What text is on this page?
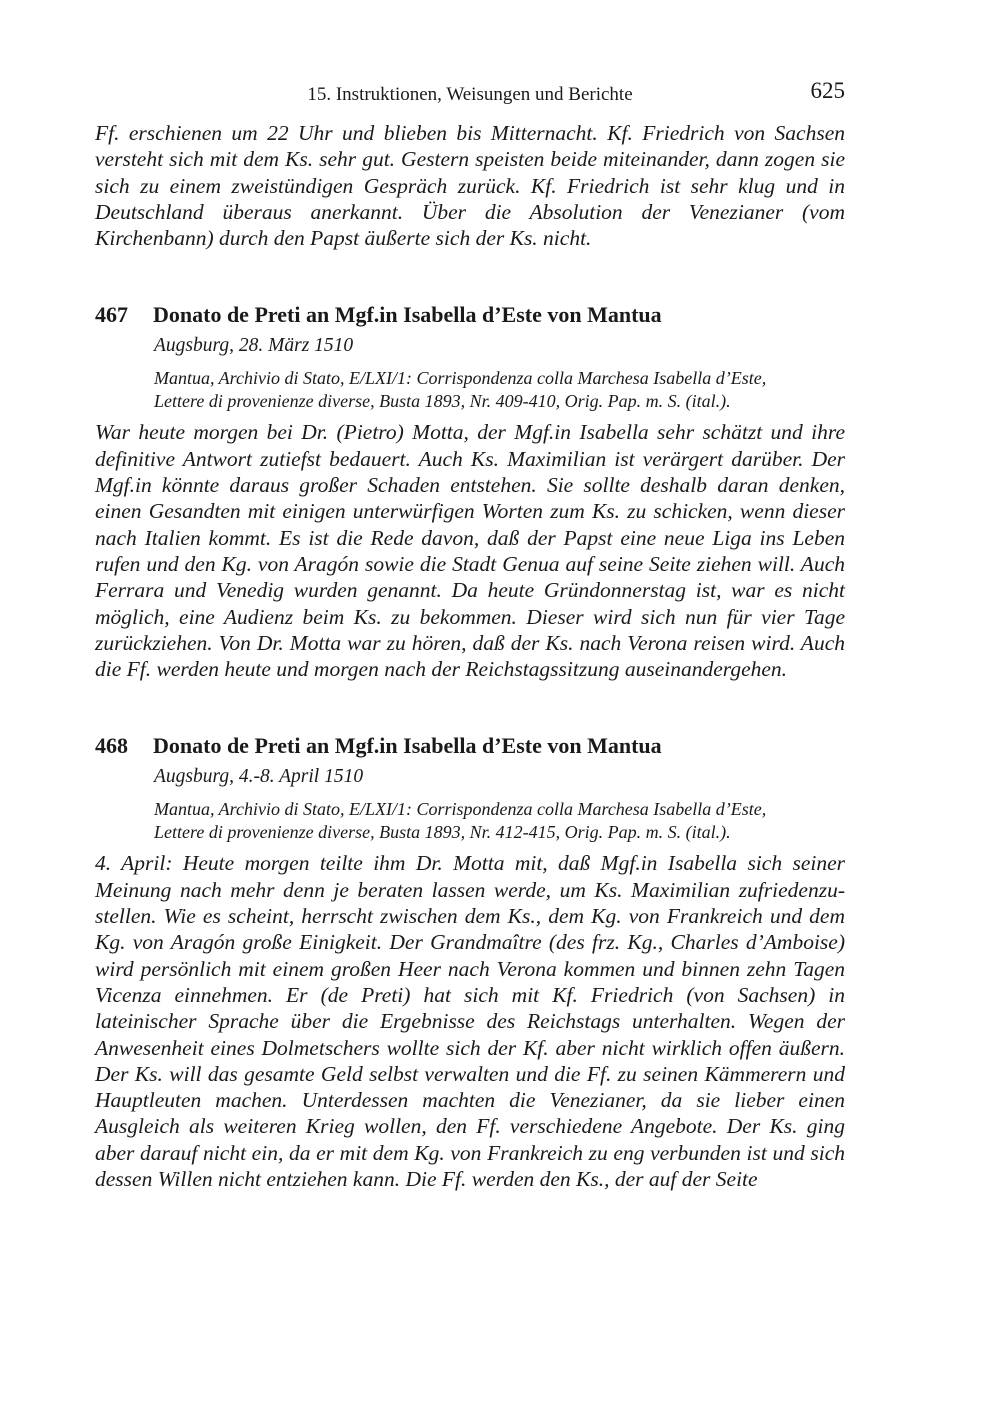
15. Instruktionen, Weisungen und Berichte	625

Ff. erschienen um 22 Uhr und blieben bis Mitternacht. Kf. Friedrich von Sachsen versteht sich mit dem Ks. sehr gut. Gestern speisten beide miteinander, dann zogen sie sich zu einem zweistündigen Gespräch zurück. Kf. Friedrich ist sehr klug und in Deutschland überaus anerkannt. Über die Absolution der Venezianer (vom Kirchenbann) durch den Papst äußerte sich der Ks. nicht.

467 Donato de Preti an Mgf.in Isabella d’Este von Mantua

Augsburg, 28. März 1510

Mantua, Archivio di Stato, E/LXI/1: Corrispondenza colla Marchesa Isabella d’Este,
Lettere di provenienze diverse, Busta 1893, Nr. 409-410, Orig. Pap. m. S. (ital.).

War heute morgen bei Dr. (Pietro) Motta, der Mgf.in Isabella sehr schätzt und ihre definitive Antwort zutiefst bedauert. Auch Ks. Maximilian ist verärgert darüber. Der Mgf.in könnte daraus großer Schaden entstehen. Sie sollte deshalb daran denken, einen Gesandten mit einigen unterwürfigen Worten zum Ks. zu schicken, wenn dieser nach Italien kommt. Es ist die Rede davon, daß der Papst eine neue Liga ins Leben rufen und den Kg. von Aragón sowie die Stadt Genua auf seine Seite ziehen will. Auch Ferrara und Venedig wurden genannt. Da heute Gründonnerstag ist, war es nicht möglich, eine Audienz beim Ks. zu bekommen. Dieser wird sich nun für vier Tage zurückziehen. Von Dr. Motta war zu hören, daß der Ks. nach Verona reisen wird. Auch die Ff. werden heute und morgen nach der Reichstagssitzung auseinandergehen.

468 Donato de Preti an Mgf.in Isabella d’Este von Mantua

Augsburg, 4.-8. April 1510

Mantua, Archivio di Stato, E/LXI/1: Corrispondenza colla Marchesa Isabella d’Este,
Lettere di provenienze diverse, Busta 1893, Nr. 412-415, Orig. Pap. m. S. (ital.).

4. April: Heute morgen teilte ihm Dr. Motta mit, daß Mgf.in Isabella sich seiner Meinung nach mehr denn je beraten lassen werde, um Ks. Maximilian zufriedenzu-stellen. Wie es scheint, herrscht zwischen dem Ks., dem Kg. von Frankreich und dem Kg. von Aragón große Einigkeit. Der Grandmaître (des frz. Kg., Charles d’Amboise) wird persönlich mit einem großen Heer nach Verona kommen und binnen zehn Tagen Vicenza einnehmen. Er (de Preti) hat sich mit Kf. Friedrich (von Sachsen) in lateinischer Sprache über die Ergebnisse des Reichstags unterhalten. Wegen der Anwesenheit eines Dolmetschers wollte sich der Kf. aber nicht wirklich offen äußern. Der Ks. will das gesamte Geld selbst verwalten und die Ff. zu seinen Kämmerern und Hauptleuten machen. Unterdessen machten die Venezianer, da sie lieber einen Ausgleich als weiteren Krieg wollen, den Ff. verschiedene Angebote. Der Ks. ging aber darauf nicht ein, da er mit dem Kg. von Frankreich zu eng verbunden ist und sich dessen Willen nicht entziehen kann. Die Ff. werden den Ks., der auf der Seite
